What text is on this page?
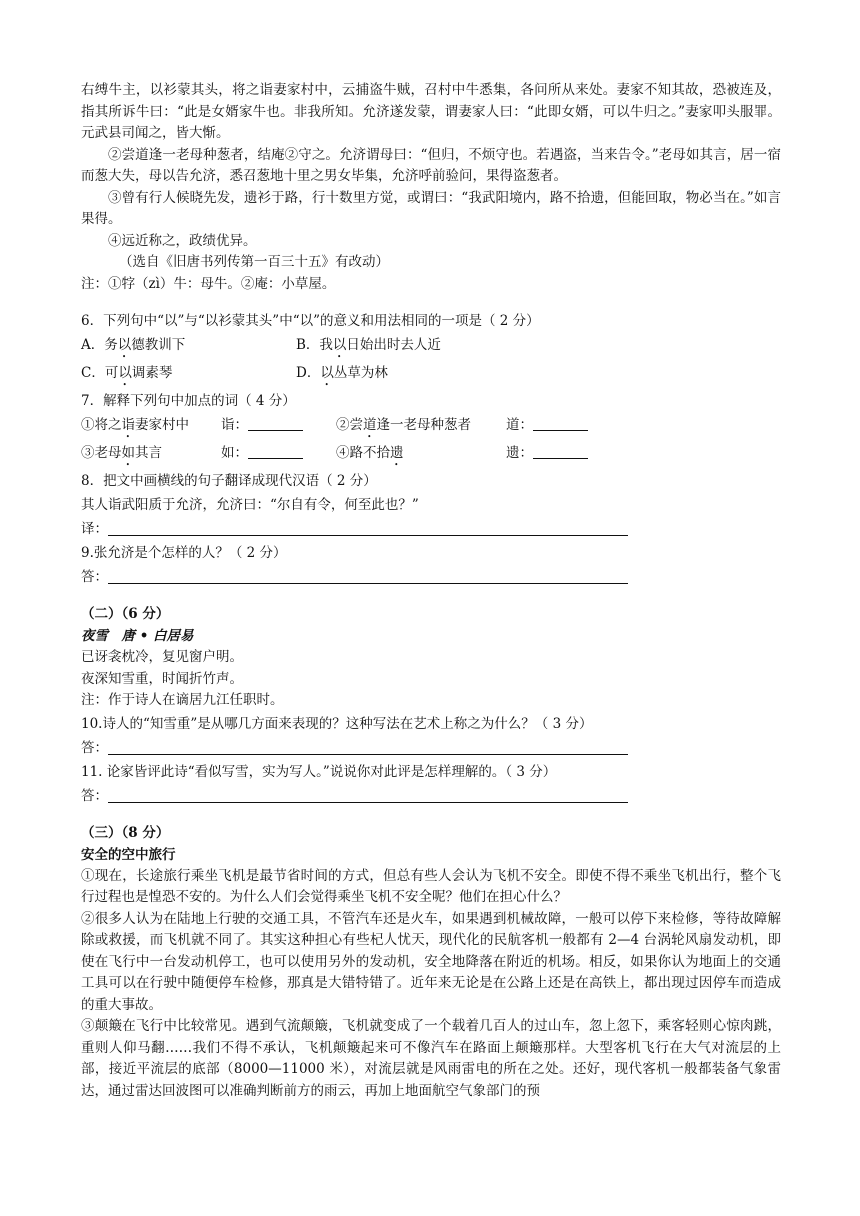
右缚牛主，以衫蒙其头，将之诣妻家村中，云捕盗牛贼，召村中牛悉集，各问所从来处。妻家不知其故，恐被连及，指其所诉牛曰：“此是女婿家牛也。非我所知。允济遂发蒙，谓妻家人曰：“此即女婿，可以牛归之。”妻家叩头服罪。元武县司闻之，皆大惭。

②尝道逢一老母种葱者，结庵②守之。允济谓母曰：“但归，不烦守也。若遇盗，当来告令。”老母如其言，居一宿而葱大失，母以告允济，悉召葱地十里之男女毕集，允济呼前验问，果得盗葱者。

③曾有行人候晓先发，遗衫于路，行十数里方觉，或谓曰：“我武阳境内，路不拾遗，但能回取，物必当在。”如言果得。

④远近称之，政绩优异。

（选自《旧唐书列传第一百三十五》有改动）

注：①牸（zì）牛：母牛。②庵：小草屋。

6．下列句中“以”与“以衫蒙其头”中“以”的意义和用法相同的一项是（ 2 分）

A．务以德教训下	B．我以日始出时去人近
C．可以调素琴	D．以丛草为林

7．解释下列句中加点的词（ 4 分）

①将之诣妻家村中	诣：	②尝道逢一老母种葱者	道：
③老母如其言	如：	④路不拾遗	遗：

8．把文中画横线的句子翻译成现代汉语（ 2 分）

其人诣武阳质于允济，允济曰：“尔自有令，何至此也？”

译：

9.张允济是个怎样的人？（ 2 分）

答：

（二）（6 分）

夜雪　唐 • 白居易

已讶衾枕冷，复见窗户明。

夜深知雪重，时闻折竹声。

注：作于诗人在谪居九江任职时。

10.诗人的“知雪重”是从哪几方面来表现的？这种写法在艺术上称之为什么？（ 3 分）

答：

11. 论家皆评此诗“看似写雪，实为写人。”说说你对此评是怎样理解的。（ 3 分）

答：

（三）（8 分）

安全的空中旅行

①现在，长途旅行乘坐飞机是最节省时间的方式，但总有些人会认为飞机不安全。即使不得不乘坐飞机出行，整个飞行过程也是惶恐不安的。为什么人们会觉得乘坐飞机不安全呢？他们在担心什么？

②很多人认为在陆地上行驶的交通工具，不管汽车还是火车，如果遇到机械故障，一般可以停下来检修，等待故障解除或救援，而飞机就不同了。其实这种担心有些杞人忧天，现代化的民航客机一般都有 2—4 台涡轮风扇发动机，即使在飞行中一台发动机停工，也可以使用另外的发动机，安全地降落在附近的机场。相反，如果你认为地面上的交通工具可以在行驶中随便停车检修，那真是大错特错了。近年来无论是在公路上还是在高铁上，都出现过因停车而造成的重大事故。

③颠簸在飞行中比较常见。遇到气流颠簸，飞机就变成了一个载着几百人的过山车，忽上忽下，乘客轻则心惊肉跳，重则人仰马翻……我们不得不承认，飞机颠簸起来可不像汽车在路面上颠簸那样。大型客机飞行在大气对流层的上部，接近平流层的底部（8000—11000 米），对流层就是风雨雷电的所在之处。还好，现代客机一般都装备气象雷达，通过雷达回波图可以准确判断前方的雨云，再加上地面航空气象部门的预
